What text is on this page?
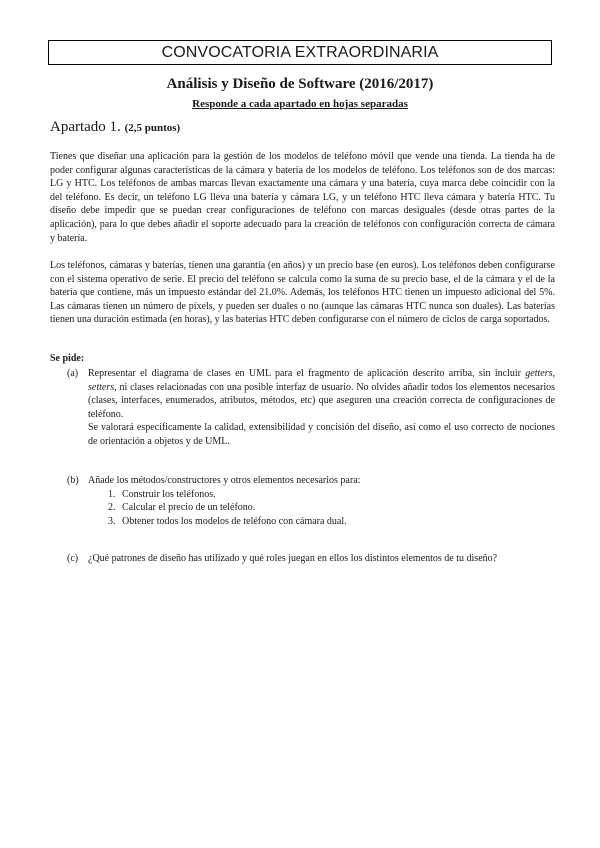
CONVOCATORIA EXTRAORDINARIA
Análisis y Diseño de Software (2016/2017)
Responde a cada apartado en hojas separadas
Apartado 1. (2,5 puntos)

Tienes que diseñar una aplicación para la gestión de los modelos de teléfono móvil que vende una tienda. La tienda ha de poder configurar algunas características de la cámara y batería de los modelos de teléfono. Los teléfonos son de dos marcas: LG y HTC. Los teléfonos de ambas marcas llevan exactamente una cámara y una batería, cuya marca debe coincidir con la del teléfono. Es decir, un teléfono LG lleva una batería y cámara LG, y un teléfono HTC lleva cámara y batería HTC. Tu diseño debe impedir que se puedan crear configuraciones de teléfono con marcas desiguales (desde otras partes de la aplicación), para lo que debes añadir el soporte adecuado para la creación de teléfonos con configuración correcta de cámara y batería.

Los teléfonos, cámaras y baterías, tienen una garantía (en años) y un precio base (en euros). Los teléfonos deben configurarse con el sistema operativo de serie. El precio del teléfono se calcula como la suma de su precio base, el de la cámara y el de la batería que contiene, más un impuesto estándar del 21.0%. Además, los teléfonos HTC tienen un impuesto adicional del 5%. Las cámaras tienen un número de píxels, y pueden ser duales o no (aunque las cámaras HTC nunca son duales). Las baterías tienen una duración estimada (en horas), y las baterías HTC deben configurarse con el número de ciclos de carga soportados.

Se pide:
(a) Representar el diagrama de clases en UML para el fragmento de aplicación descrito arriba, sin incluir getters, setters, ni clases relacionadas con una posible interfaz de usuario. No olvides añadir todos los elementos necesarios (clases, interfaces, enumerados, atributos, métodos, etc) que aseguren una creación correcta de configuraciones de teléfono.

Se valorará específicamente la calidad, extensibilidad y concisión del diseño, así como el uso correcto de nociones de orientación a objetos y de UML.

(b) Añade los métodos/constructores y otros elementos necesarios para:

1. Construir los teléfonos.
2. Calcular el precio de un teléfono.
3. Obtener todos los modelos de teléfono con cámara dual.
(c) ¿Qué patrones de diseño has utilizado y qué roles juegan en ellos los distintos elementos de tu diseño?
